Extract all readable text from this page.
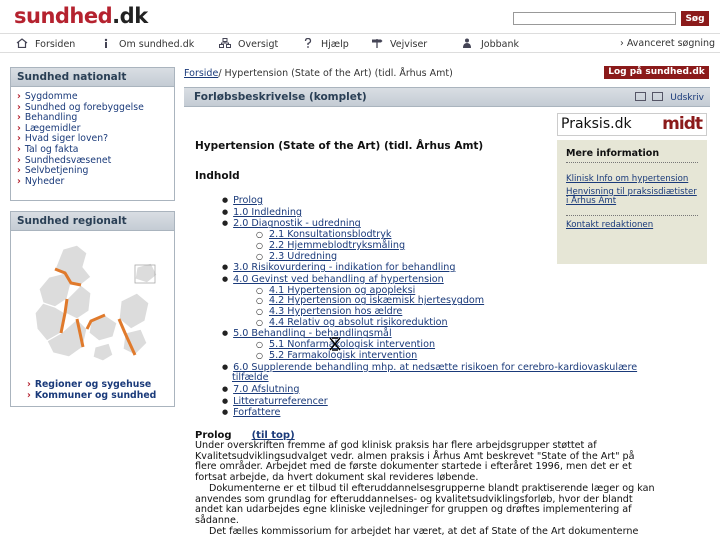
sundhed.dk	Søg
Forsiden	Om sundhed.dk	Oversigt	Hjælp	Vejviser	Jobbank	› Avanceret søgning
Sundhed nationalt
› Sygdomme
› Sundhed og forebyggelse
› Behandling
› Lægemidler
› Hvad siger loven?
› Tal og fakta
› Sundhedsvæsenet
› Selvbetjening
› Nyheder
Sundhed regionalt
› Regioner og sygehuse
› Kommuner og sundhed
Forside/ Hypertension (State of the Art) (tidl. Århus Amt)	Log på sundhed.dk
Forløbsbeskrivelse (komplet)	Udskriv
Praksis.dk midt
Mere information
Klinisk Info om hypertension
Henvisning til praksisdiætister i Århus Amt
Kontakt redaktionen
Hypertension (State of the Art) (tidl. Århus Amt)
Indhold
● Prolog
● 1.0 Indledning
● 2.0 Diagnostik - udredning
○ 2.1 Konsultationsblodtryk
○ 2.2 Hjemmeblodtryksmåling
○ 2.3 Udredning
● 3.0 Risikovurdering - indikation for behandling
● 4.0 Gevinst ved behandling af hypertension
○ 4.1 Hypertension og apopleksi
○ 4.2 Hypertension og iskæmisk hjertesygdom
○ 4.3 Hypertension hos ældre
○ 4.4 Relativ og absolut risikoreduktion
● 5.0 Behandling - behandlingsmål
○ 5.1 Nonfarmakologisk intervention
○ 5.2 Farmakologisk intervention
● 6.0 Supplerende behandling mhp. at nedsætte risikoen for cerebro-kardiovaskulære
tilfælde
● 7.0 Afslutning
● Litteraturreferencer
● Forfattere
Prolog (til top)

Under overskriften fremme af god klinisk praksis har flere arbejdsgrupper støttet af

Kvalitetsudviklingsudvalget vedr. almen praksis i Århus Amt beskrevet "State of the Art" på

flere områder. Arbejdet med de første dokumenter startede i efteråret 1996, men det er et

fortsat arbejde, da hvert dokument skal revideres løbende.

Dokumenterne er et tilbud til efteruddannelsesgrupperne blandt praktiserende læger og kan

anvendes som grundlag for efteruddannelses- og kvalitetsudviklingsforløb, hvor der blandt

andet kan udarbejdes egne kliniske vejledninger for gruppen og drøftes implementering af

sådanne.

Det fælles kommissorium for arbejdet har været, at det af State of the Art dokumenterne
